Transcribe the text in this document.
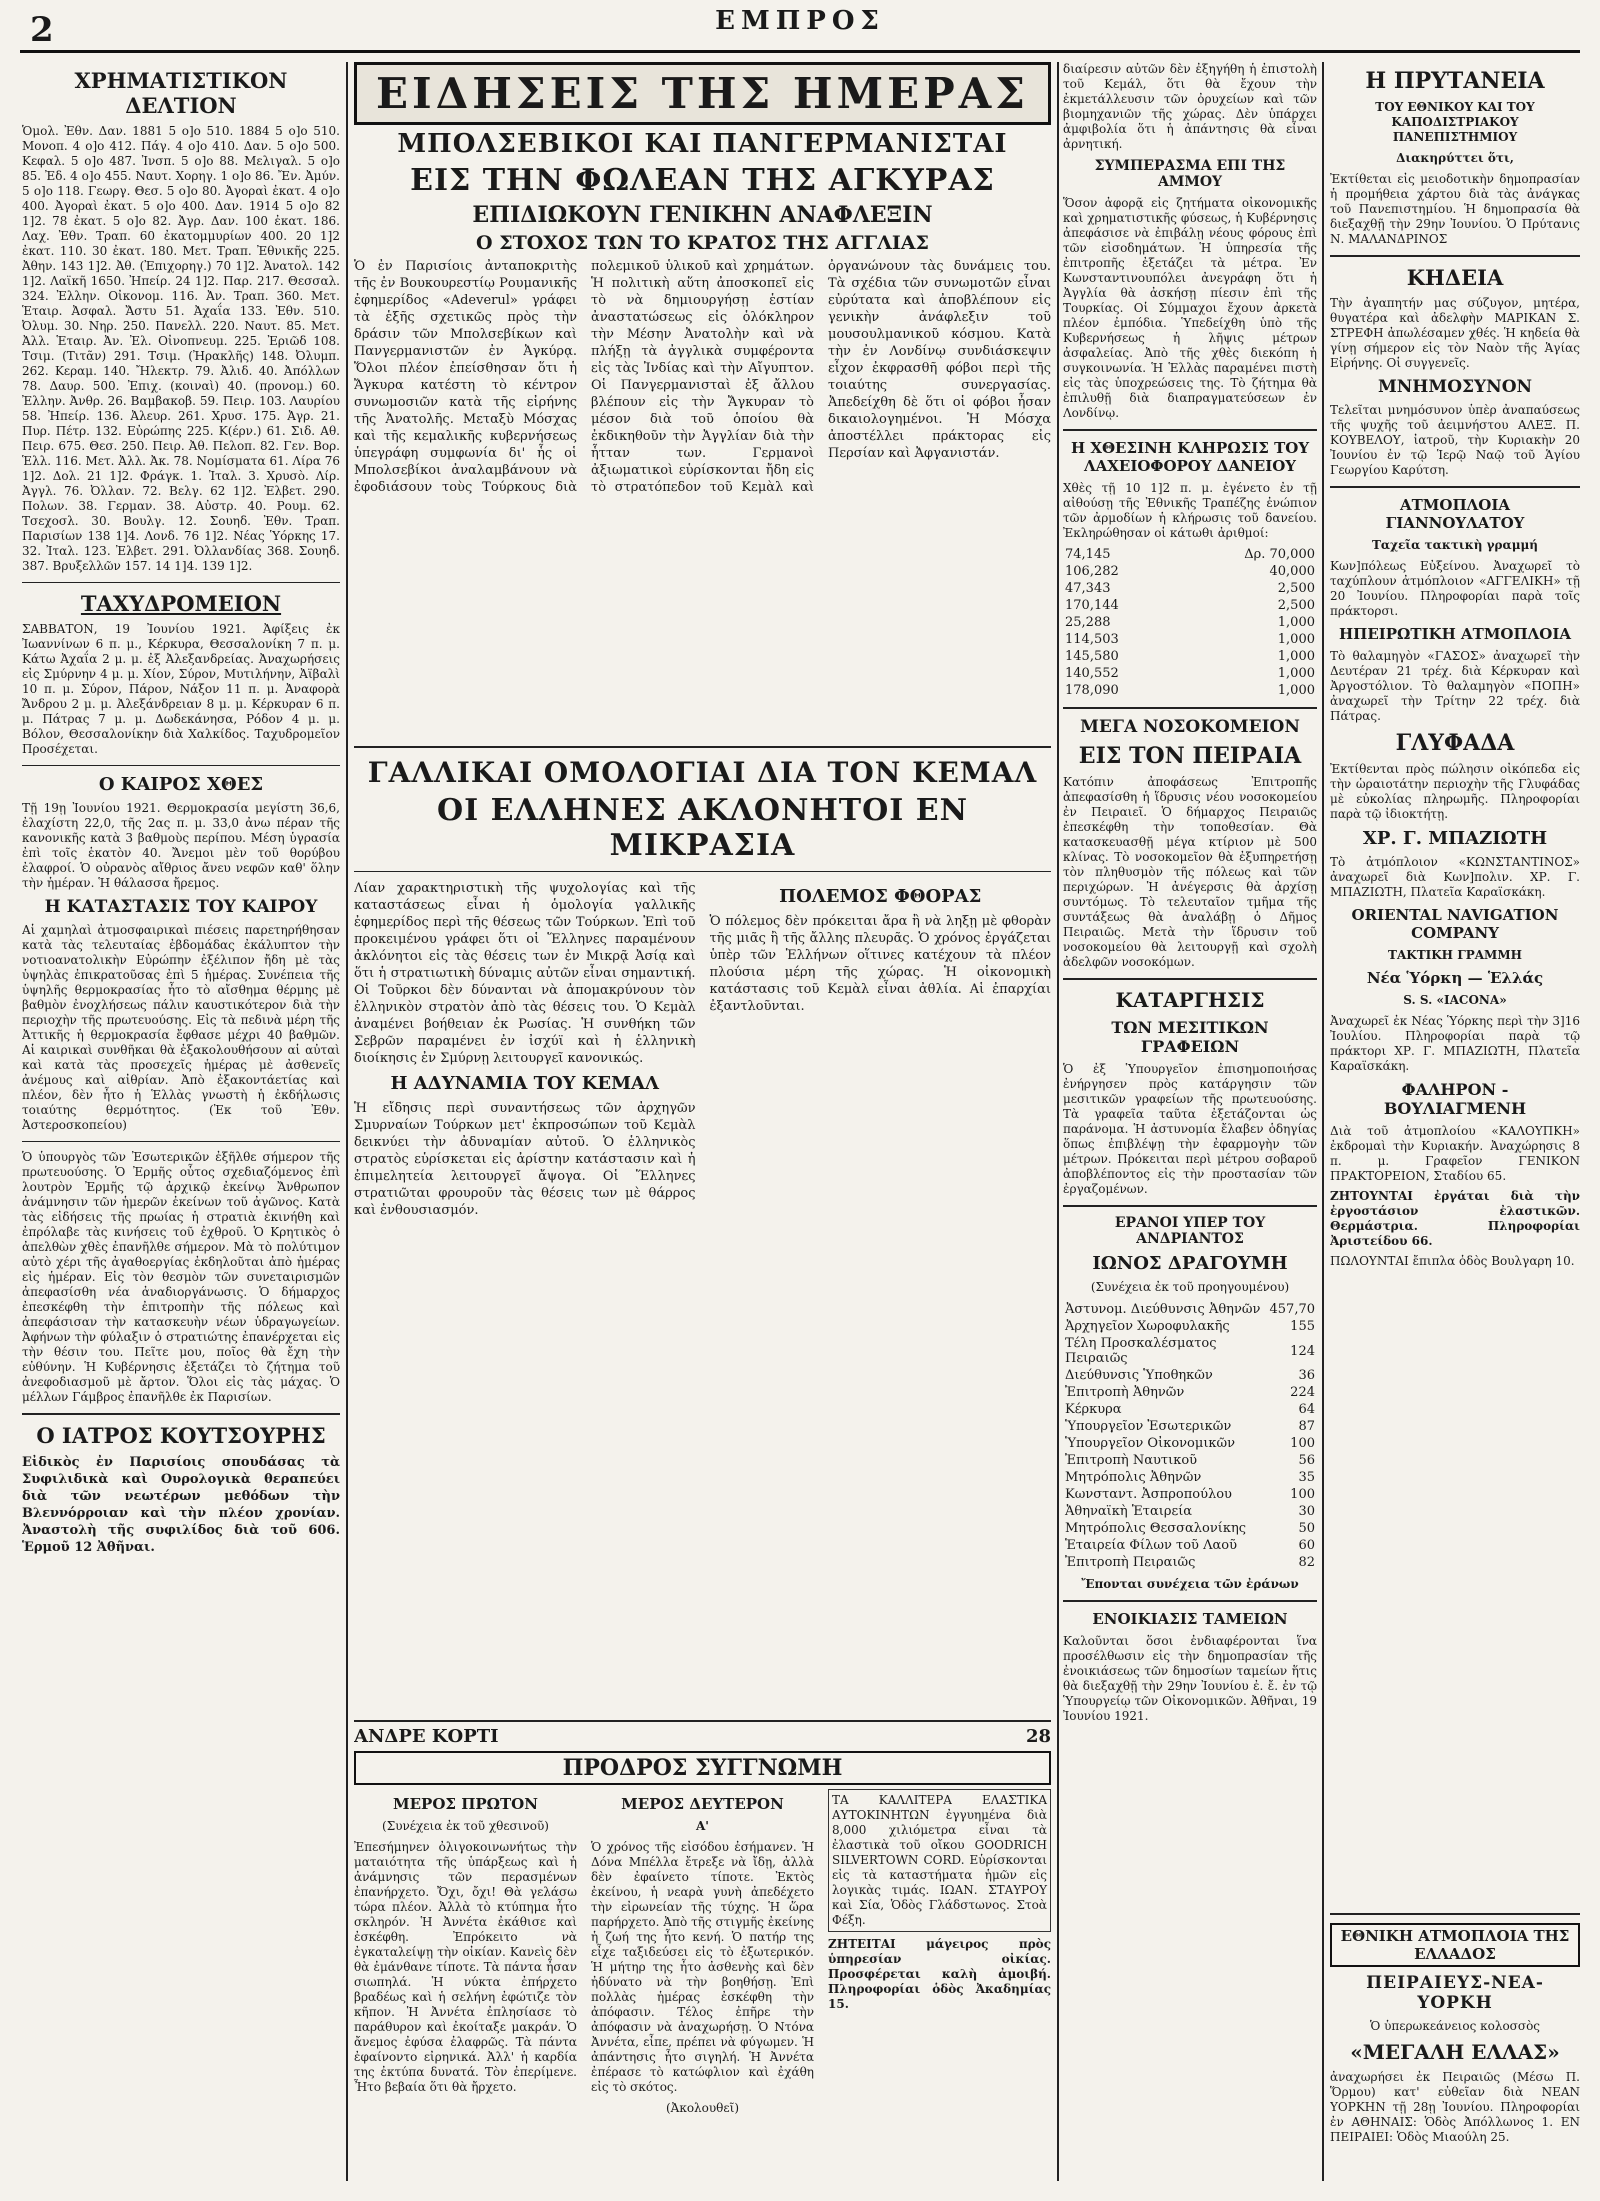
2	ΕΜΠΡΟΣ
ΧΡΗΜΑΤΙΣΤΙΚΟΝ ΔΕΛΤΙΟΝ
Ὁμολ. Ἐθν. Δαν. 1881 5 ο]ο 510. 1884 5 ο]ο 510. Μονοπ. 4 ο]ο 412. Πάγ. 4 ο]ο 410. Δαν. 5 ο]ο 500. Κεφαλ. 5 ο]ο 487. Ἰνσπ. 5 ο]ο 88. Μελιγαλ. 5 ο]ο 85. Ἐδ. 4 ο]ο 455. Ναυτ. Χορηγ. 1 ο]ο 86. Ἔν. Ἀμύν. 5 ο]ο 118. Γεωργ. Θεσ. 5 ο]ο 80. Ἀγοραὶ ἐκατ. 4 ο]ο 400. Ἀγοραὶ ἐκατ. 5 ο]ο 400. Δαν. 1914 5 ο]ο 82 1]2. 78 ἐκατ. 5 ο]ο 82. Ἀγρ. Δαν. 100 ἐκατ. 186. Λαχ. Ἐθν. Τραπ. 60 ἐκατομμυρίων 400. 20 1]2 ἐκατ. 110. 30 ἐκατ. 180. Μετ. Τραπ. Ἐθνικῆς 225. Ἀθην. 143 1]2. Ἀθ. (Ἐπιχορηγ.) 70 1]2. Ἀνατολ. 142 1]2. Λαϊκῆ 1650. Ἠπείρ. 24 1]2. Παρ. 217. Θεσσαλ. 324. Ἐλλην. Οἰκονομ. 116. Ἀν. Τραπ. 360. Μετ. Ἑταιρ. Ἀσφαλ. Ἄστυ 51. Ἀχαΐα 133. Ἐθν. 510. Ὀλυμ. 30. Νηρ. 250. Πανελλ. 220. Ναυτ. 85. Μετ. Ἀλλ. Ἑταιρ. Ἀν. Ἐλ. Οἰνοπνευμ. 225. Ἐριῶδ 108. Τσιμ. (Τιτᾶν) 291. Τσιμ. (Ἠρακλῆς) 148. Ὀλυμπ. 262. Κεραμ. 140. Ἤλεκτρ. 79. Ἀλιδ. 40. Ἀπόλλων 78. Δαυρ. 500. Ἐπιχ. (κοιναὶ) 40. (προνομ.) 60. Ἐλλην. Ἀνθρ. 26. Βαμβακοβ. 59. Πειρ. 103. Λαυρίου 58. Ἠπείρ. 136. Ἀλευρ. 261. Χρυσ. 175. Ἀγρ. 21. Πυρ. Πέτρ. 132. Εὐρώπης 225. Κ(έρν.) 61. Σιδ. Αθ. Πειρ. 675. Θεσ. 250. Πειρ. Ἀθ. Πελοπ. 82. Γεν. Βορ. Ἑλλ. 116. Μετ. Ἀλλ. Ἀκ. 78. Νομίσματα 61. Λίρα 76 1]2. Δολ. 21 1]2. Φράγκ. 1. Ἰταλ. 3. Χρυσὸ. Λίρ. Ἀγγλ. 76. Ὀλλαν. 72. Βελγ. 62 1]2. Ἐλβετ. 290. Πολων. 38. Γερμαν. 38. Αὐστρ. 40. Ρουμ. 62. Τσεχοσλ. 30. Βουλγ. 12. Σουηδ. Ἐθν. Τραπ. Παρισίων 138 1]4. Λονδ. 76 1]2. Νέας Ὑόρκης 17. 32. Ἰταλ. 123. Ἐλβετ. 291. Ὀλλανδίας 368. Σουηδ. 387. Βρυξελλῶν 157. 14 1]4. 139 1]2.
ΤΑΧΥΔΡΟΜΕΙΟΝ
ΣΑΒΒΑΤΟΝ, 19 Ἰουνίου 1921. Ἀφίξεις ἐκ Ἰωαννίνων 6 π. μ., Κέρκυρα, Θεσσαλονίκη 7 π. μ. Κάτω Ἀχαΐα 2 μ. μ. ἐξ Ἀλεξανδρείας. Ἀναχωρήσεις εἰς Σμύρνην 4 μ. μ. Χίον, Σύρον, Μυτιλήνην, Ἀϊβαλὶ 10 π. μ. Σύρον, Πάρον, Νάξον 11 π. μ. Ἀναφορὰ Ἄνδρου 2 μ. μ. Ἀλεξάνδρειαν 8 μ. μ. Κέρκυραν 6 π. μ. Πάτρας 7 μ. μ. Δωδεκάνησα, Ρόδον 4 μ. μ. Βόλον, Θεσσαλονίκην διὰ Χαλκίδος. Ταχυδρομεῖον Προσέχεται.
Ο ΚΑΙΡΟΣ ΧΘΕΣ
Τῇ 19ῃ Ἰουνίου 1921. Θερμοκρασία μεγίστη 36,6, ἐλαχίστη 22,0, τῆς 2ας π. μ. 33,0 ἀνω πέραν τῆς κανονικῆς κατὰ 3 βαθμοὺς περίπου. Μέση ὑγρασία ἐπὶ τοῖς ἑκατὸν 40. Ἄνεμοι μὲν τοῦ θορύβου ἐλαφροί. Ὁ οὐρανὸς αἴθριος ἄνευ νεφῶν καθ' ὅλην τὴν ἡμέραν. Ἡ θάλασσα ἤρεμος.
Η ΚΑΤΑΣΤΑΣΙΣ ΤΟΥ ΚΑΙΡΟΥ
Αἱ χαμηλαὶ ἀτμοσφαιρικαὶ πιέσεις παρετηρήθησαν κατὰ τὰς τελευταίας ἐβδομάδας ἐκάλυπτον τὴν νοτιοανατολικὴν Εὐρώπην ἐξέλιπον ἤδη μὲ τὰς ὑψηλὰς ἐπικρατοῦσας ἐπὶ 5 ἡμέρας. Συνέπεια τῆς ὑψηλῆς θερμοκρασίας ἦτο τὸ αἴσθημα θέρμης μὲ βαθμὸν ἐνοχλήσεως πάλιν καυστικότερον διὰ τὴν περιοχὴν τῆς πρωτευούσης. Εἰς τὰ πεδινὰ μέρη τῆς Ἀττικῆς ἡ θερμοκρασία ἔφθασε μέχρι 40 βαθμῶν. Αἱ καιρικαὶ συνθῆκαι θὰ ἐξακολουθήσουν αἱ αὐταὶ καὶ κατὰ τὰς προσεχεῖς ἡμέρας μὲ ἀσθενεῖς ἀνέμους καὶ αἰθρίαν. Ἀπὸ ἐξακοντάετίας καὶ πλέον, δὲν ἦτο ἡ Ἑλλὰς γνωστὴ ἡ ἐκδήλωσις τοιαύτης θερμότητος. (Ἐκ τοῦ Ἐθν. Ἀστεροσκοπείου)
Ὁ ὑπουργὸς τῶν Ἐσωτερικῶν ἐξῆλθε σήμερον τῆς πρωτευούσης. Ὁ Ἐρμῆς οὗτος σχεδιαζόμενος ἐπὶ λουτρὸν Ἐρμῆς τῷ ἀρχικῷ ἐκείνῳ Ἄνθρωπον ἀνάμνησιν τῶν ἡμερῶν ἐκείνων τοῦ ἀγῶνος. Κατὰ τὰς εἰδήσεις τῆς πρωίας ἡ στρατιὰ ἐκινήθη καὶ ἐπρόλαβε τὰς κινήσεις τοῦ ἐχθροῦ. Ὁ Κρητικὸς ὁ ἀπελθὼν χθὲς ἐπανῆλθε σήμερον. Μὰ τὸ πολύτιμον αὐτὸ χέρι τῆς ἀγαθοεργίας ἐκδηλοῦται ἀπὸ ἡμέρας εἰς ἡμέραν. Εἰς τὸν θεσμὸν τῶν συνεταιρισμῶν ἀπεφασίσθη νέα ἀναδιοργάνωσις. Ὁ δήμαρχος ἐπεσκέφθη τὴν ἐπιτροπὴν τῆς πόλεως καὶ ἀπεφάσισαν τὴν κατασκευὴν νέων ὑδραγωγείων. Ἀφήνων τὴν φύλαξιν ὁ στρατιώτης ἐπανέρχεται εἰς τὴν θέσιν του. Πεῖτε μου, ποῖος θὰ ἔχη τὴν εὐθύνην. Ἡ Κυβέρνησις ἐξετάζει τὸ ζήτημα τοῦ ἀνεφοδιασμοῦ μὲ ἄρτον. Ὅλοι εἰς τὰς μάχας. Ὁ μέλλων Γάμβρος ἐπανῆλθε ἐκ Παρισίων.
Ο ΙΑΤΡΟΣ ΚΟΥΤΣΟΥΡΗΣ
Εἰδικὸς ἐν Παρισίοις σπουδάσας τὰ Συφιλιδικὰ καὶ Ουρολογικὰ θεραπεύει διὰ τῶν νεωτέρων μεθόδων τὴν Βλεννόρροιαν καὶ τὴν πλέον χρονίαν. Ἀναστολὴ τῆς συφιλίδος διὰ τοῦ 606. Ἑρμοῦ 12 Ἀθῆναι.
ΕΙΔΗΣΕΙΣ ΤΗΣ ΗΜΕΡΑΣ
ΜΠΟΛΣΕΒΙΚΟΙ ΚΑΙ ΠΑΝΓΕΡΜΑΝΙΣΤΑΙ
ΕΙΣ ΤΗΝ ΦΩΛΕΑΝ ΤΗΣ ΑΓΚΥΡΑΣ
ΕΠΙΔΙΩΚΟΥΝ ΓΕΝΙΚΗΝ ΑΝΑΦΛΕΞΙΝ
Ο ΣΤΟΧΟΣ ΤΩΝ ΤΟ ΚΡΑΤΟΣ ΤΗΣ ΑΓΓΛΙΑΣ
Ὁ ἐν Παρισίοις ἀνταποκριτὴς τῆς ἐν Βουκουρεστίῳ Ρουμανικῆς ἐφημερίδος «Adeverul» γράφει τὰ ἑξῆς σχετικῶς πρὸς τὴν δράσιν τῶν Μπολσεβίκων καὶ Πανγερμανιστῶν ἐν Ἀγκύρᾳ. Ὅλοι πλέον ἐπείσθησαν ὅτι ἡ Ἄγκυρα κατέστη τὸ κέντρον συνωμοσιῶν κατὰ τῆς εἰρήνης τῆς Ἀνατολῆς. Μεταξὺ Μόσχας καὶ τῆς κεμαλικῆς κυβερνήσεως ὑπεγράφη συμφωνία δι' ἧς οἱ Μπολσεβίκοι ἀναλαμβάνουν νὰ ἐφοδιάσουν τοὺς Τούρκους διὰ πολεμικοῦ ὑλικοῦ καὶ χρημάτων. Ἡ πολιτικὴ αὕτη ἀποσκοπεῖ εἰς τὸ νὰ δημιουργήσῃ ἑστίαν ἀναστατώσεως εἰς ὁλόκληρον τὴν Μέσην Ἀνατολὴν καὶ νὰ πλήξῃ τὰ ἀγγλικὰ συμφέροντα εἰς τὰς Ἰνδίας καὶ τὴν Αἴγυπτον. Οἱ Πανγερμανισταὶ ἐξ ἄλλου βλέπουν εἰς τὴν Ἄγκυραν τὸ μέσον διὰ τοῦ ὁποίου θὰ ἐκδικηθοῦν τὴν Ἀγγλίαν διὰ τὴν ἧτταν των. Γερμανοὶ ἀξιωματικοὶ εὑρίσκονται ἤδη εἰς τὸ στρατόπεδον τοῦ Κεμὰλ καὶ ὀργανώνουν τὰς δυνάμεις του. Τὰ σχέδια τῶν συνωμοτῶν εἶναι εὐρύτατα καὶ ἀποβλέπουν εἰς γενικὴν ἀνάφλεξιν τοῦ μουσουλμανικοῦ κόσμου. Κατὰ τὴν ἐν Λονδίνῳ συνδιάσκεψιν εἶχον ἐκφρασθῆ φόβοι περὶ τῆς τοιαύτης συνεργασίας. Ἀπεδείχθη δὲ ὅτι οἱ φόβοι ἦσαν δικαιολογημένοι. Ἡ Μόσχα ἀποστέλλει πράκτορας εἰς Περσίαν καὶ Ἀφγανιστάν.
ΓΑΛΛΙΚΑΙ ΟΜΟΛΟΓΙΑΙ ΔΙΑ ΤΟΝ ΚΕΜΑΛ
ΟΙ ΕΛΛΗΝΕΣ ΑΚΛΟΝΗΤΟΙ ΕΝ ΜΙΚΡΑΣΙΑ
Λίαν χαρακτηριστικὴ τῆς ψυχολογίας καὶ τῆς καταστάσεως εἶναι ἡ ὁμολογία γαλλικῆς ἐφημερίδος περὶ τῆς θέσεως τῶν Τούρκων. Ἐπὶ τοῦ προκειμένου γράφει ὅτι οἱ Ἕλληνες παραμένουν ἀκλόνητοι εἰς τὰς θέσεις των ἐν Μικρᾷ Ἀσίᾳ καὶ ὅτι ἡ στρατιωτικὴ δύναμις αὐτῶν εἶναι σημαντική. Οἱ Τοῦρκοι δὲν δύνανται νὰ ἀπομακρύνουν τὸν ἑλληνικὸν στρατὸν ἀπὸ τὰς θέσεις του. Ὁ Κεμὰλ ἀναμένει βοήθειαν ἐκ Ρωσίας. Ἡ συνθήκη τῶν Σεβρῶν παραμένει ἐν ἰσχύϊ καὶ ἡ ἑλληνικὴ διοίκησις ἐν Σμύρνῃ λειτουργεῖ κανονικώς.
Η ΑΔΥΝΑΜΙΑ ΤΟΥ ΚΕΜΑΛ
Ἡ εἴδησις περὶ συναντήσεως τῶν ἀρχηγῶν Σμυρναίων Τούρκων μετ' ἐκπροσώπων τοῦ Κεμὰλ δεικνύει τὴν ἀδυναμίαν αὐτοῦ. Ὁ ἑλληνικὸς στρατὸς εὑρίσκεται εἰς ἀρίστην κατάστασιν καὶ ἡ ἐπιμελητεία λειτουργεῖ ἄψογα. Οἱ Ἕλληνες στρατιῶται φρουροῦν τὰς θέσεις των μὲ θάρρος καὶ ἐνθουσιασμόν.
ΠΟΛΕΜΟΣ ΦΘΟΡΑΣ
Ὁ πόλεμος δὲν πρόκειται ἄρα ἢ νὰ ληξῃ μὲ φθορὰν τῆς μιᾶς ἢ τῆς ἄλλης πλευρᾶς. Ὁ χρόνος ἐργάζεται ὑπὲρ τῶν Ἑλλήνων οἵτινες κατέχουν τὰ πλέον πλούσια μέρη τῆς χώρας. Ἡ οἰκονομικὴ κατάστασις τοῦ Κεμὰλ εἶναι ἀθλία. Αἱ ἐπαρχίαι ἐξαντλοῦνται.
διαίρεσιν αὐτῶν δὲν ἐξηγήθη ἡ ἐπιστολὴ τοῦ Κεμάλ, ὅτι θὰ ἔχουν τὴν ἐκμετάλλευσιν τῶν ὀρυχείων καὶ τῶν βιομηχανιῶν τῆς χώρας. Δὲν ὑπάρχει ἀμφιβολία ὅτι ἡ ἀπάντησις θὰ εἶναι ἀρνητική.
ΣΥΜΠΕΡΑΣΜΑ ΕΠΙ ΤΗΣ ΑΜΜΟΥ
Ὅσον ἀφορᾷ εἰς ζητήματα οἰκονομικῆς καὶ χρηματιστικῆς φύσεως, ἡ Κυβέρνησις ἀπεφάσισε νὰ ἐπιβάλῃ νέους φόρους ἐπὶ τῶν εἰσοδημάτων. Ἡ ὑπηρεσία τῆς ἐπιτροπῆς ἐξετάζει τὰ μέτρα. Ἐν Κωνσταντινουπόλει ἀνεγράφη ὅτι ἡ Ἀγγλία θὰ ἀσκήσῃ πίεσιν ἐπὶ τῆς Τουρκίας. Οἱ Σύμμαχοι ἔχουν ἀρκετὰ πλέον ἐμπόδια. Ὑπεδείχθη ὑπὸ τῆς Κυβερνήσεως ἡ λῆψις μέτρων ἀσφαλείας. Ἀπὸ τῆς χθὲς διεκόπη ἡ συγκοινωνία. Ἡ Ἑλλὰς παραμένει πιστὴ εἰς τὰς ὑποχρεώσεις της. Τὸ ζήτημα θὰ ἐπιλυθῇ διὰ διαπραγματεύσεων ἐν Λονδίνῳ.
Η ΧΘΕΣΙΝΗ ΚΛΗΡΩΣΙΣ ΤΟΥ ΛΑΧΕΙΟΦΟΡΟΥ ΔΑΝΕΙΟΥ
Χθὲς τῇ 10 1]2 π. μ. ἐγένετο ἐν τῇ αἰθούσῃ τῆς Ἐθνικῆς Τραπέζης ἐνώπιον τῶν ἀρμοδίων ἡ κλήρωσις τοῦ δανείου. Ἐκληρώθησαν οἱ κάτωθι ἀριθμοί:
74,145	Δρ. 70,000
106,282	40,000
47,343	2,500
170,144	2,500
25,288	1,000
114,503	1,000
145,580	1,000
140,552	1,000
178,090	1,000
ΜΕΓΑ ΝΟΣΟΚΟΜΕΙΟΝ
ΕΙΣ ΤΟΝ ΠΕΙΡΑΙΑ
Κατόπιν ἀποφάσεως Ἐπιτροπῆς ἀπεφασίσθη ἡ ἵδρυσις νέου νοσοκομείου ἐν Πειραιεῖ. Ὁ δήμαρχος Πειραιῶς ἐπεσκέφθη τὴν τοποθεσίαν. Θὰ κατασκευασθῇ μέγα κτίριον μὲ 500 κλίνας. Τὸ νοσοκομεῖον θὰ ἐξυπηρετήσῃ τὸν πληθυσμὸν τῆς πόλεως καὶ τῶν περιχώρων. Ἡ ἀνέγερσις θὰ ἀρχίσῃ συντόμως. Τὸ τελευταῖον τμῆμα τῆς συντάξεως θὰ ἀναλάβῃ ὁ Δῆμος Πειραιῶς. Μετὰ τὴν ἵδρυσιν τοῦ νοσοκομείου θὰ λειτουργῇ καὶ σχολὴ ἀδελφῶν νοσοκόμων.
ΚΑΤΑΡΓΗΣΙΣ
ΤΩΝ ΜΕΣΙΤΙΚΩΝ ΓΡΑΦΕΙΩΝ
Ὁ ἐξ Ὑπουργεῖον ἐπισημοποιήσας ἐνήργησεν πρὸς κατάργησιν τῶν μεσιτικῶν γραφείων τῆς πρωτευούσης. Τὰ γραφεῖα ταῦτα ἐξετάζονται ὡς παράνομα. Ἡ ἀστυνομία ἔλαβεν ὁδηγίας ὅπως ἐπιβλέψῃ τὴν ἐφαρμογὴν τῶν μέτρων. Πρόκειται περὶ μέτρου σοβαροῦ ἀποβλέποντος εἰς τὴν προστασίαν τῶν ἐργαζομένων.
ΕΡΑΝΟΙ ΥΠΕΡ ΤΟΥ ΑΝΔΡΙΑΝΤΟΣ
ΙΩΝΟΣ ΔΡΑΓΟΥΜΗ
(Συνέχεια ἐκ τοῦ προηγουμένου)
Ἀστυνομ. Διεύθυνσις Ἀθηνῶν	457,70
Ἀρχηγεῖον Χωροφυλακῆς	155
Τέλη Προσκαλέσματος Πειραιῶς	124
Διεύθυνσις Ὑποθηκῶν	36
Ἐπιτροπὴ Ἀθηνῶν	224
Κέρκυρα	64
Ὑπουργεῖον Ἐσωτερικῶν	87
Ὑπουργεῖον Οἰκονομικῶν	100
Ἐπιτροπὴ Ναυτικοῦ	56
Μητρόπολις Ἀθηνῶν	35
Κωνσταντ. Ἀσπροπούλου	100
Ἀθηναϊκὴ Ἑταιρεία	30
Μητρόπολις Θεσσαλονίκης	50
Ἑταιρεία Φίλων τοῦ Λαοῦ	60
Ἐπιτροπὴ Πειραιῶς	82
Ἔπονται συνέχεια τῶν ἐράνων
ΕΝΟΙΚΙΑΣΙΣ ΤΑΜΕΙΩΝ
Καλοῦνται ὅσοι ἐνδιαφέρονται ἵνα προσέλθωσιν εἰς τὴν δημοπρασίαν τῆς ἐνοικιάσεως τῶν δημοσίων ταμείων ἥτις θὰ διεξαχθῇ τὴν 29ην Ἰουνίου ἐ. ἔ. ἐν τῷ Ὑπουργείῳ τῶν Οἰκονομικῶν. Ἀθῆναι, 19 Ἰουνίου 1921.
Η ΠΡΥΤΑΝΕΙΑ
ΤΟΥ ΕΘΝΙΚΟΥ ΚΑΙ ΤΟΥ ΚΑΠΟΔΙΣΤΡΙΑΚΟΥ ΠΑΝΕΠΙΣΤΗΜΙΟΥ
Διακηρύττει ὅτι,
Ἐκτίθεται εἰς μειοδοτικὴν δημοπρασίαν ἡ προμήθεια χάρτου διὰ τὰς ἀνάγκας τοῦ Πανεπιστημίου. Ἡ δημοπρασία θὰ διεξαχθῇ τὴν 29ην Ἰουνίου. Ὁ Πρύτανις Ν. ΜΑΛΑΝΔΡΙΝΟΣ
ΚΗΔΕΙΑ
Τὴν ἀγαπητήν μας σύζυγον, μητέρα, θυγατέρα καὶ ἀδελφὴν ΜΑΡΙΚΑΝ Σ. ΣΤΡΕΦΗ ἀπωλέσαμεν χθές. Ἡ κηδεία θὰ γίνῃ σήμερον εἰς τὸν Ναὸν τῆς Ἁγίας Εἰρήνης. Οἱ συγγενεῖς.
ΜΝΗΜΟΣΥΝΟΝ
Τελεῖται μνημόσυνον ὑπὲρ ἀναπαύσεως τῆς ψυχῆς τοῦ ἀειμνήστου ΑΛΕΞ. Π. ΚΟΥΒΕΛΟΥ, ἰατροῦ, τὴν Κυριακὴν 20 Ἰουνίου ἐν τῷ Ἱερῷ Ναῷ τοῦ Ἁγίου Γεωργίου Καρύτση.
ΑΤΜΟΠΛΟΙΑ ΓΙΑΝΝΟΥΛΑΤΟΥ
Ταχεῖα τακτικὴ γραμμή
Κων]πόλεως Εὐξείνου. Ἀναχωρεῖ τὸ ταχύπλουν ἀτμόπλοιον «ΑΓΓΕΛΙΚΗ» τῇ 20 Ἰουνίου. Πληροφορίαι παρὰ τοῖς πράκτορσι.
ΗΠΕΙΡΩΤΙΚΗ ΑΤΜΟΠΛΟΙΑ
Τὸ θαλαμηγὸν «ΓΑΣΟΣ» ἀναχωρεῖ τὴν Δευτέραν 21 τρέχ. διὰ Κέρκυραν καὶ Ἀργοστόλιον. Τὸ θαλαμηγὸν «ΠΟΠΗ» ἀναχωρεῖ τὴν Τρίτην 22 τρέχ. διὰ Πάτρας.
ΓΛΥΦΑΔΑ
Ἐκτίθενται πρὸς πώλησιν οἰκόπεδα εἰς τὴν ὡραιοτάτην περιοχὴν τῆς Γλυφάδας μὲ εὐκολίας πληρωμῆς. Πληροφορίαι παρὰ τῷ ἰδιοκτήτῃ.
ΧΡ. Γ. ΜΠΑΖΙΩΤΗ
Τὸ ἀτμόπλοιον «ΚΩΝΣΤΑΝΤΙΝΟΣ» ἀναχωρεῖ διὰ Κων]πολιν. ΧΡ. Γ. ΜΠΑΖΙΩΤΗ, Πλατεῖα Καραϊσκάκη.
ORIENTAL NAVIGATION COMPANY
ΤΑΚΤΙΚΗ ΓΡΑΜΜΗ
Νέα Ὑόρκη — Ἑλλάς
S. S. «IACONA»
Ἀναχωρεῖ ἐκ Νέας Ὑόρκης περὶ τὴν 3]16 Ἰουλίου. Πληροφορίαι παρὰ τῷ πράκτορι ΧΡ. Γ. ΜΠΑΖΙΩΤΗ, Πλατεῖα Καραϊσκάκη.
ΦΑΛΗΡΟΝ - ΒΟΥΛΙΑΓΜΕΝΗ
Διὰ τοῦ ἀτμοπλοίου «ΚΑΛΟΥΠΚΗ» ἐκδρομαὶ τὴν Κυριακήν. Ἀναχώρησις 8 π. μ. Γραφεῖον ΓΕΝΙΚΟΝ ΠΡΑΚΤΟΡΕΙΟΝ, Σταδίου 65.
ΖΗΤΟΥΝΤΑΙ ἐργάται διὰ τὴν ἐργοστάσιον ἐλαστικῶν. Θερμάστρια. Πληροφορίαι Ἀριστείδου 66.
ΠΩΛΟΥΝΤΑΙ ἔπιπλα ὁδὸς Βουλγαρη 10.
ΕΘΝΙΚΗ ΑΤΜΟΠΛΟΙΑ ΤΗΣ ΕΛΛΑΔΟΣ
ΠΕΙΡΑΙΕΥΣ-ΝΕΑ-ΥΟΡΚΗ
Ὁ ὑπερωκεάνειος κολοσσὸς
«ΜΕΓΑΛΗ ΕΛΛΑΣ»
ἀναχωρήσει ἐκ Πειραιῶς (Μέσω Π. Ὅρμου) κατ' εὐθεῖαν διὰ ΝΕΑΝ ΥΟΡΚΗΝ τῇ 28ῃ Ἰουνίου. Πληροφορίαι ἐν ΑΘΗΝΑΙΣ: Ὁδὸς Ἀπόλλωνος 1. ΕΝ ΠΕΙΡΑΙΕΙ: Ὁδὸς Μιαούλη 25.
ΑΝΔΡΕ ΚΟΡΤΙ	28
ΠΡΟΔΡΟΣ ΣΥΓΓΝΩΜΗ
ΜΕΡΟΣ ΠΡΩΤΟΝ
(Συνέχεια ἐκ τοῦ χθεσινοῦ)
Ἐπεσήμηνεν ὀλιγοκοινωνήτως τὴν ματαιότητα τῆς ὑπάρξεως καὶ ἡ ἀνάμνησις τῶν περασμένων ἐπανήρχετο. Ὄχι, ὄχι! Θὰ γελάσω τώρα πλέον. Ἀλλὰ τὸ κτύπημα ἦτο σκληρόν. Ἡ Ἀννέτα ἐκάθισε καὶ ἐσκέφθη. Ἐπρόκειτο νὰ ἐγκαταλείψῃ τὴν οἰκίαν. Κανεὶς δὲν θὰ ἐμάνθανε τίποτε. Τὰ πάντα ἦσαν σιωπηλά. Ἡ νύκτα ἐπήρχετο βραδέως καὶ ἡ σελήνη ἐφώτιζε τὸν κῆπον. Ἡ Ἀννέτα ἐπλησίασε τὸ παράθυρον καὶ ἐκοίταξε μακράν. Ὁ ἄνεμος ἐφύσα ἐλαφρῶς. Τὰ πάντα ἐφαίνοντο εἰρηνικά. Ἀλλ' ἡ καρδία της ἐκτύπα δυνατά. Τὸν ἐπερίμενε. Ἦτο βεβαία ὅτι θὰ ἤρχετο.
ΜΕΡΟΣ ΔΕΥΤΕΡΟΝ
Α'
Ὁ χρόνος τῆς εἰσόδου ἐσήμανεν. Ἡ Δόνα Μπέλλα ἔτρεξε νὰ ἴδῃ, ἀλλὰ δὲν ἐφαίνετο τίποτε. Ἐκτὸς ἐκείνου, ἡ νεαρὰ γυνὴ ἀπεδέχετο τὴν εἰρωνείαν τῆς τύχης. Ἡ ὥρα παρήρχετο. Ἀπὸ τῆς στιγμῆς ἐκείνης ἡ ζωή της ἦτο κενή. Ὁ πατήρ της εἶχε ταξιδεύσει εἰς τὸ ἐξωτερικόν. Ἡ μήτηρ της ἦτο ἀσθενὴς καὶ δὲν ἠδύνατο νὰ τὴν βοηθήσῃ. Ἐπὶ πολλὰς ἡμέρας ἐσκέφθη τὴν ἀπόφασιν. Τέλος ἐπῆρε τὴν ἀπόφασιν νὰ ἀναχωρήσῃ. Ὁ Ντόνα Ἀννέτα, εἶπε, πρέπει νὰ φύγωμεν. Ἡ ἀπάντησις ἦτο σιγηλή. Ἡ Ἀννέτα ἐπέρασε τὸ κατώφλιον καὶ ἐχάθη εἰς τὸ σκότος.
(Ἀκολουθεῖ)
ΤΑ ΚΑΛΛΙΤΕΡΑ ΕΛΑΣΤΙΚΑ ΑΥΤΟΚΙΝΗΤΩΝ ἐγγυημένα διὰ 8,000 χιλιόμετρα εἶναι τὰ ἐλαστικὰ τοῦ οἴκου GOODRICH SILVERTOWN CORD. Εὑρίσκονται εἰς τὰ καταστήματα ἡμῶν εἰς λογικὰς τιμάς. ΙΩΑΝ. ΣΤΑΥΡΟΥ καὶ Σία, Ὁδὸς Γλάδστωνος. Στοὰ Φέξη.
ΖΗΤΕΙΤΑΙ μάγειρος πρὸς ὑπηρεσίαν οἰκίας. Προσφέρεται καλὴ ἀμοιβή. Πληροφορίαι ὁδὸς Ἀκαδημίας 15.
